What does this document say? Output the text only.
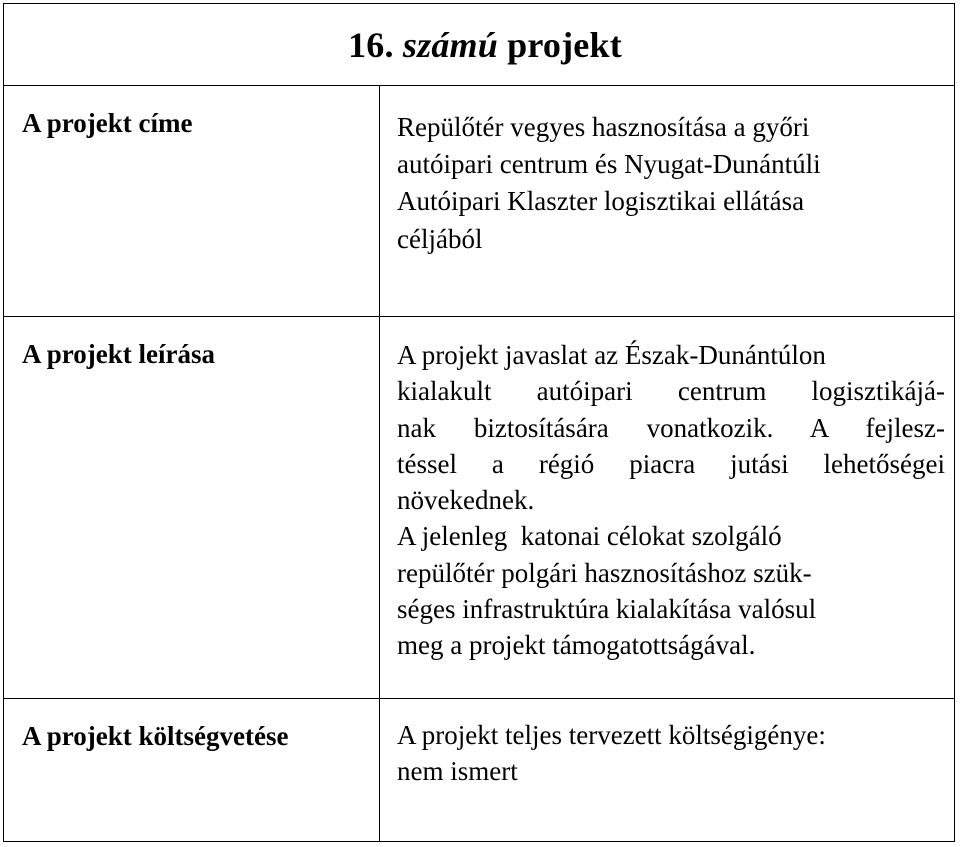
16. számú projekt
A projekt címe	Repülőtér vegyes hasznosítása a győri
autóipari centrum és Nyugat-Dunántúli
Autóipari Klaszter logisztikai ellátása
céljából
A projekt leírása	A projekt javaslat az Észak-Dunántúlon

kialakult autóipari centrum logisztikájá-

nak biztosítására vonatkozik. A fejlesz-

téssel a régió piacra jutási lehetőségei

növekednek.

A jelenleg  katonai célokat szolgáló

repülőtér polgári hasznosításhoz szük-

séges infrastruktúra kialakítása valósul

meg a projekt támogatottságával.

A projekt költségvetése	A projekt teljes tervezett költségigénye:

nem ismert
